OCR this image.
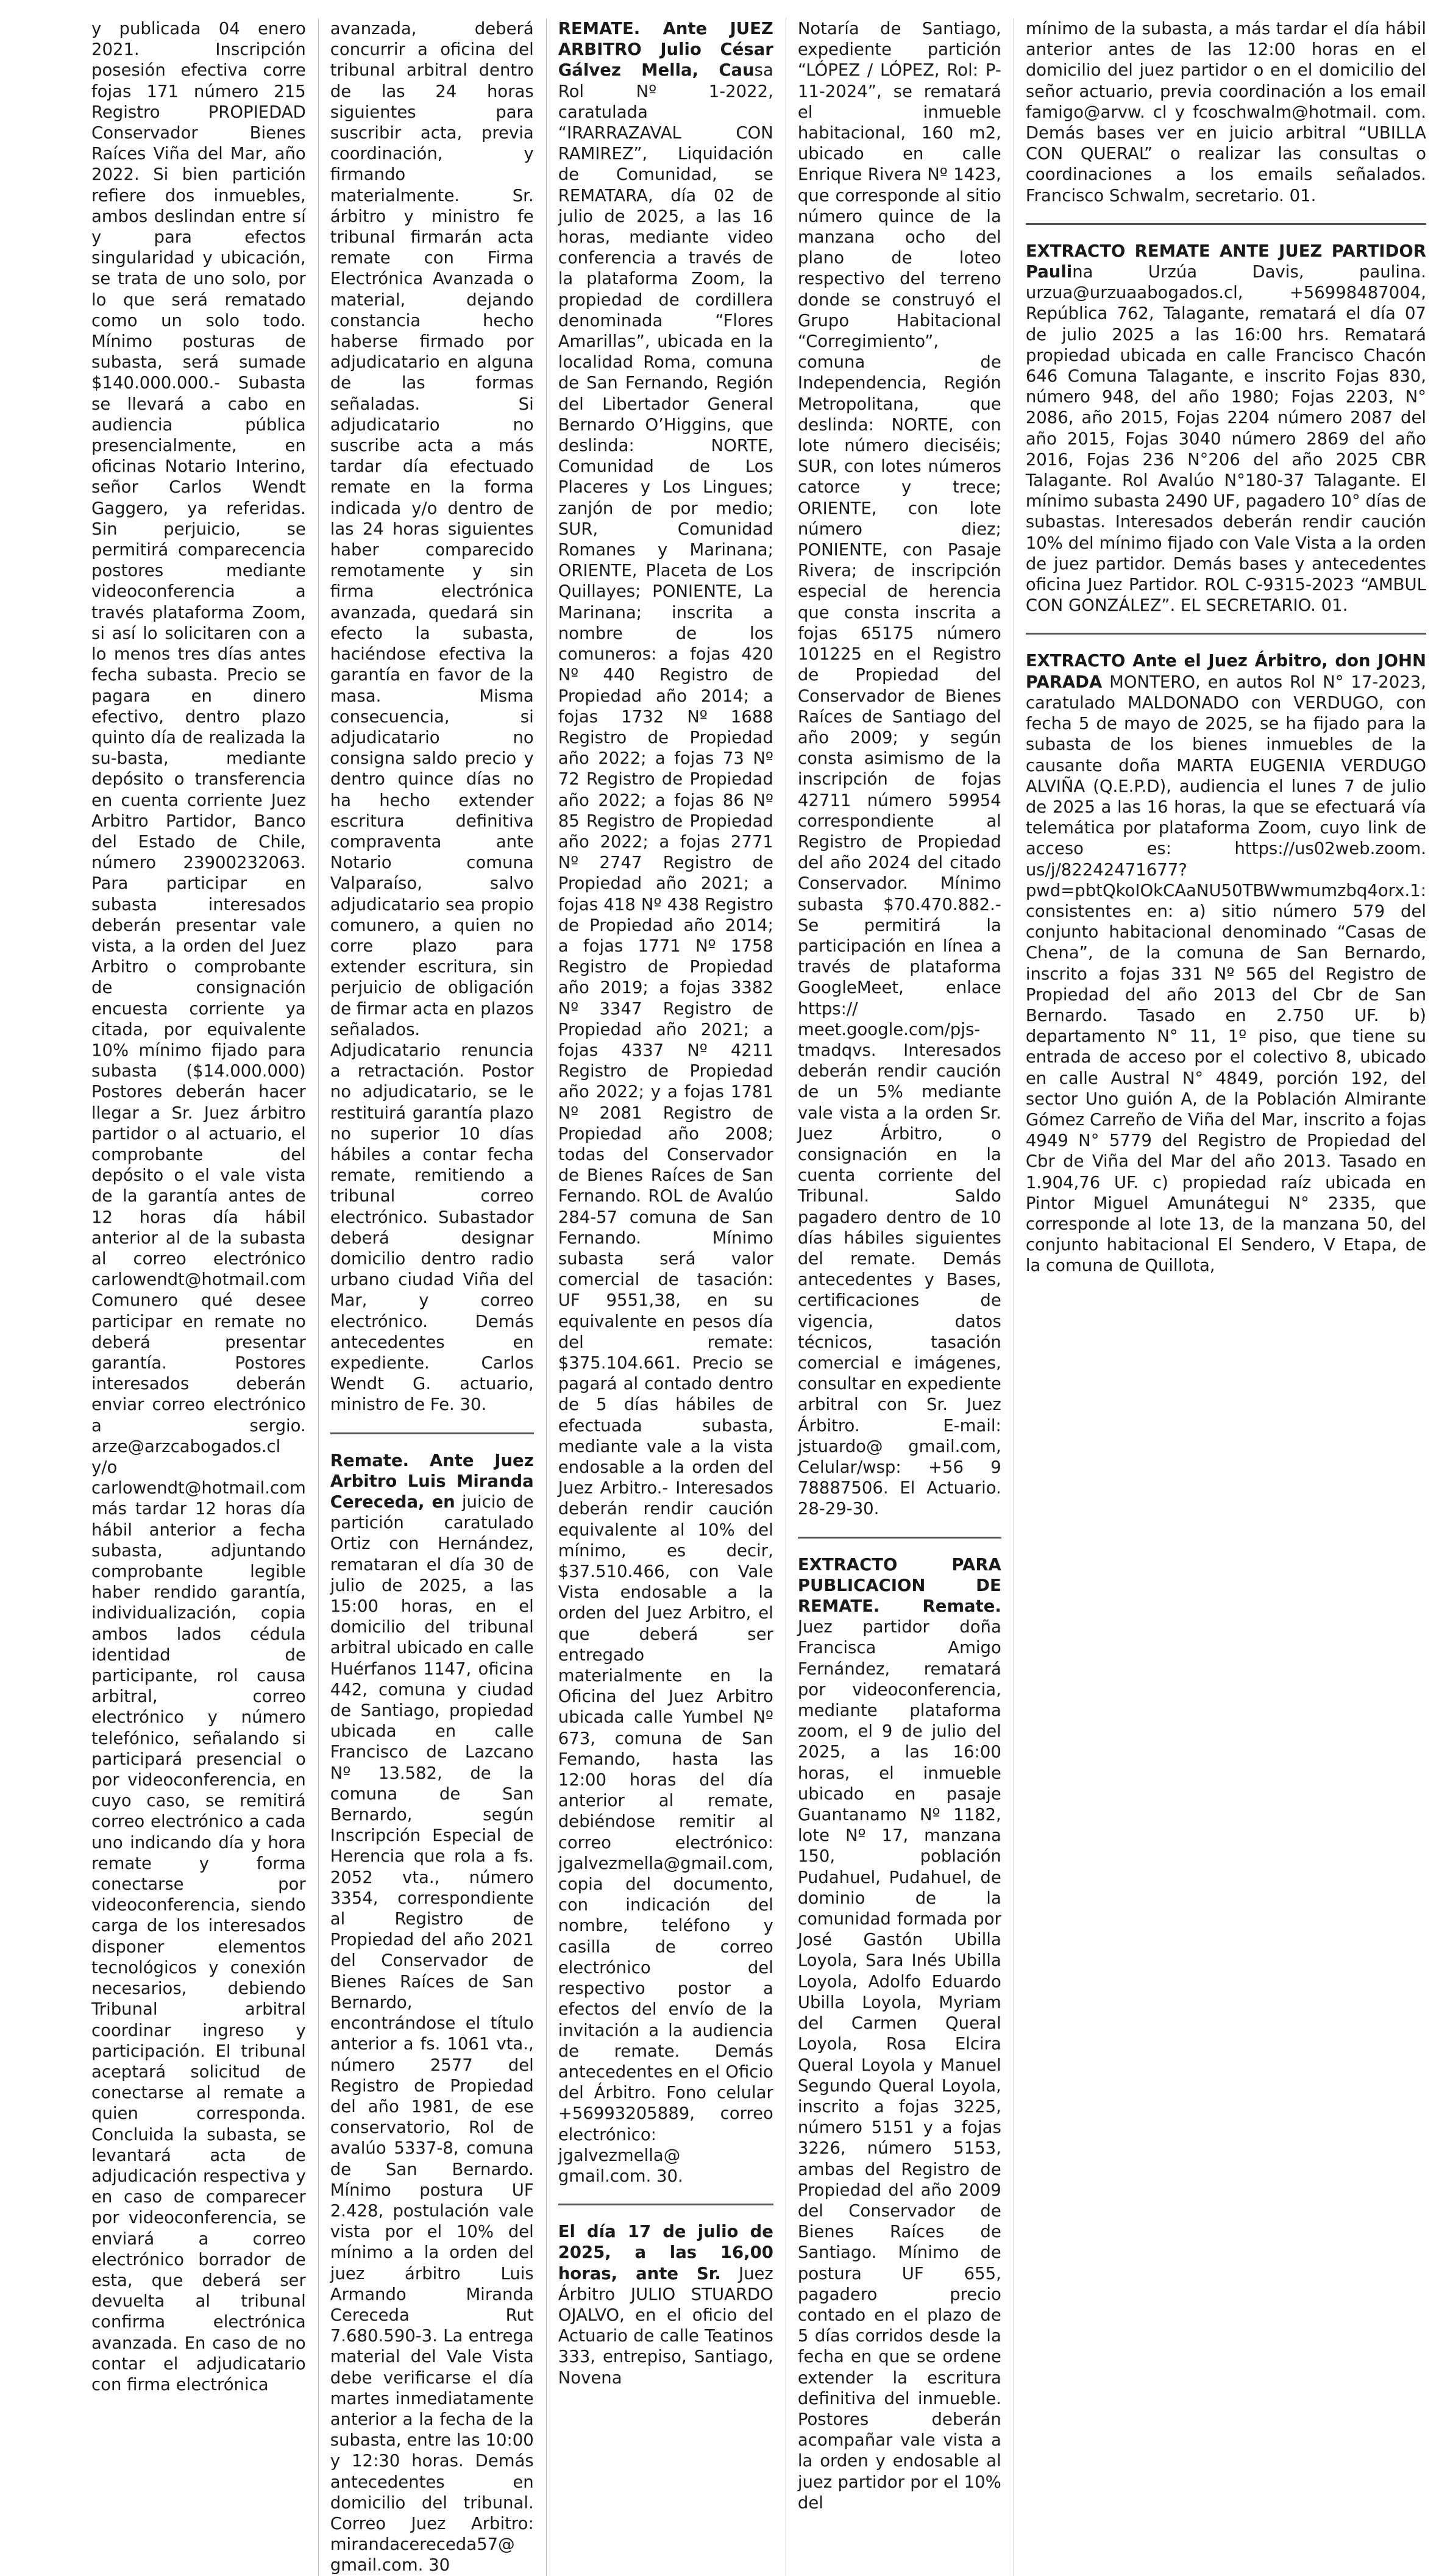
y publicada 04 enero 2021. Inscripción posesión efectiva corre fojas 171 número 215 Registro PROPIEDAD Conservador Bienes Raíces Viña del Mar, año 2022. Si bien partición refiere dos inmuebles, ambos deslindan entre sí y para efectos singularidad y ubicación, se trata de uno solo, por lo que será rematado como un solo todo. Mínimo posturas de subasta, será sumade $140.000.000.- Subasta se llevará a cabo en audiencia pública presencialmente, en oficinas Notario Interino, señor Carlos Wendt Gaggero, ya referidas. Sin perjuicio, se permitirá comparecencia postores mediante videoconferencia a través plataforma Zoom, si así lo solicitaren con a lo menos tres días antes fecha subasta. Precio se pagara en dinero efectivo, dentro plazo quinto día de realizada la su-basta, mediante depósito o transferencia en cuenta corriente Juez Arbitro Partidor, Banco del Estado de Chile, número 23900232063. Para participar en subasta interesados deberán presentar vale vista, a la orden del Juez Arbitro o comprobante de consignación encuesta corriente ya citada, por equivalente 10% mínimo fijado para subasta ($14.000.000) Postores deberán hacer llegar a Sr. Juez árbitro partidor o al actuario, el comprobante del depósito o el vale vista de la garantía antes de 12 horas día hábil anterior al de la subasta al correo electrónico carlowendt@hotmail.com Comunero qué desee participar en remate no deberá presentar garantía. Postores interesados deberán enviar correo electrónico a sergio. arze@arzcabogados.cl y/o carlowendt@hotmail.com más tardar 12 horas día hábil anterior a fecha subasta, adjuntando comprobante legible haber rendido garantía, individualización, copia ambos lados cédula identidad de participante, rol causa arbitral, correo electrónico y número telefónico, señalando si participará presencial o por videoconferencia, en cuyo caso, se remitirá correo electrónico a cada uno indicando día y hora remate y forma conectarse por videoconferencia, siendo carga de los interesados disponer elementos tecnológicos y conexión necesarios, debiendo Tribunal arbitral coordinar ingreso y participación. El tribunal aceptará solicitud de conectarse al remate a quien corresponda. Concluida la subasta, se levantará acta de adjudicación respectiva y en caso de comparecer por videoconferencia, se enviará a correo electrónico borrador de esta, que deberá ser devuelta al tribunal confirma electrónica avanzada. En caso de no contar el adjudicatario con firma electrónica

avanzada, deberá concurrir a oficina del tribunal arbitral dentro de las 24 horas siguientes para suscribir acta, previa coordinación, y firmando materialmente. Sr. árbitro y ministro fe tribunal firmarán acta remate con Firma Electrónica Avanzada o material, dejando constancia hecho haberse firmado por adjudicatario en alguna de las formas señaladas. Si adjudicatario no suscribe acta a más tardar día efectuado remate en la forma indicada y/o dentro de las 24 horas siguientes haber comparecido remotamente y sin firma electrónica avanzada, quedará sin efecto la subasta, haciéndose efectiva la garantía en favor de la masa. Misma consecuencia, si adjudicatario no consigna saldo precio y dentro quince días no ha hecho extender escritura definitiva compraventa ante Notario comuna Valparaíso, salvo adjudicatario sea propio comunero, a quien no corre plazo para extender escritura, sin perjuicio de obligación de firmar acta en plazos señalados. Adjudicatario renuncia a retractación. Postor no adjudicatario, se le restituirá garantía plazo no superior 10 días hábiles a contar fecha remate, remitiendo a tribunal correo electrónico. Subastador deberá designar domicilio dentro radio urbano ciudad Viña del Mar, y correo electrónico. Demás antecedentes en expediente. Carlos Wendt G. actuario, ministro de Fe. 30.

Remate. Ante Juez Arbitro Luis Miranda Cereceda, en juicio de partición caratulado Ortiz con Hernández, remataran el día 30 de julio de 2025, a las 15:00 horas, en el domicilio del tribunal arbitral ubicado en calle Huérfanos 1147, oficina 442, comuna y ciudad de Santiago, propiedad ubicada en calle Francisco de Lazcano Nº 13.582, de la comuna de San Bernardo, según Inscripción Especial de Herencia que rola a fs. 2052 vta., número 3354, correspondiente al Registro de Propiedad del año 2021 del Conservador de Bienes Raíces de San Bernardo, encontrándose el título anterior a fs. 1061 vta., número 2577 del Registro de Propiedad del año 1981, de ese conservatorio, Rol de avalúo 5337-8, comuna de San Bernardo. Mínimo postura UF 2.428, postulación vale vista por el 10% del mínimo a la orden del juez árbitro Luis Armando Miranda Cereceda Rut 7.680.590-3. La entrega material del Vale Vista debe verificarse el día martes inmediatamente anterior a la fecha de la subasta, entre las 10:00 y 12:30 horas. Demás antecedentes en domicilio del tribunal. Correo Juez Arbitro: mirandacereceda57@ gmail.com. 30

REMATE. Ante JUEZ ARBITRO Julio César Gálvez Mella, Causa Rol Nº 1-2022, caratulada “IRARRAZAVAL CON RAMIREZ”, Liquidación de Comunidad, se REMATARA, día 02 de julio de 2025, a las 16 horas, mediante video conferencia a través de la plataforma Zoom, la propiedad de cordillera denominada “Flores Amarillas”, ubicada en la localidad Roma, comuna de San Fernando, Región del Libertador General Bernardo O’Higgins, que deslinda: NORTE, Comunidad de Los Placeres y Los Lingues; zanjón de por medio; SUR, Comunidad Romanes y Marinana; ORIENTE, Placeta de Los Quillayes; PONIENTE, La Marinana; inscrita a nombre de los comuneros: a fojas 420 Nº 440 Registro de Propiedad año 2014; a fojas 1732 Nº 1688 Registro de Propiedad año 2022; a fojas 73 Nº 72 Registro de Propiedad año 2022; a fojas 86 Nº 85 Registro de Propiedad año 2022; a fojas 2771 Nº 2747 Registro de Propiedad año 2021; a fojas 418 Nº 438 Registro de Propiedad año 2014; a fojas 1771 Nº 1758 Registro de Propiedad año 2019; a fojas 3382 Nº 3347 Registro de Propiedad año 2021; a fojas 4337 Nº 4211 Registro de Propiedad año 2022; y a fojas 1781 Nº 2081 Registro de Propiedad año 2008; todas del Conservador de Bienes Raíces de San Fernando. ROL de Avalúo 284-57 comuna de San Fernando. Mínimo subasta será valor comercial de tasación: UF 9551,38, en su equivalente en pesos día del remate: $375.104.661. Precio se pagará al contado dentro de 5 días hábiles de efectuada subasta, mediante vale a la vista endosable a la orden del Juez Arbitro.- Interesados deberán rendir caución equivalente al 10% del mínimo, es decir, $37.510.466, con Vale Vista endosable a la orden del Juez Arbitro, el que deberá ser entregado materialmente en la Oficina del Juez Arbitro ubicada calle Yumbel Nº 673, comuna de San Femando, hasta las 12:00 horas del día anterior al remate, debiéndose remitir al correo electrónico: jgalvezmella@gmail.com, copia del documento, con indicación del nombre, teléfono y casilla de correo electrónico del respectivo postor a efectos del envío de la invitación a la audiencia de remate. Demás antecedentes en el Oficio del Árbitro. Fono celular +56993205889, correo electrónico: jgalvezmella@ gmail.com. 30.

El día 17 de julio de 2025, a las 16,00 horas, ante Sr. Juez Árbitro JULIO STUARDO OJALVO, en el oficio del Actuario de calle Teatinos 333, entrepiso, Santiago, Novena

Notaría de Santiago, expediente partición “LÓPEZ / LÓPEZ, Rol: P-11-2024”, se rematará el inmueble habitacional, 160 m2, ubicado en calle Enrique Rivera Nº 1423, que corresponde al sitio número quince de la manzana ocho del plano de loteo respectivo del terreno donde se construyó el Grupo Habitacional “Corregimiento”, comuna de Independencia, Región Metropolitana, que deslinda: NORTE, con lote número dieciséis; SUR, con lotes números catorce y trece; ORIENTE, con lote número diez; PONIENTE, con Pasaje Rivera; de inscripción especial de herencia que consta inscrita a fojas 65175 número 101225 en el Registro de Propiedad del Conservador de Bienes Raíces de Santiago del año 2009; y según consta asimismo de la inscripción de fojas 42711 número 59954 correspondiente al Registro de Propiedad del año 2024 del citado Conservador. Mínimo subasta $70.470.882.- Se permitirá la participación en línea a través de plataforma GoogleMeet, enlace https:// meet.google.com/pjs-tmadqvs. Interesados deberán rendir caución de un 5% mediante vale vista a la orden Sr. Juez Árbitro, o consignación en la cuenta corriente del Tribunal. Saldo pagadero dentro de 10 días hábiles siguientes del remate. Demás antecedentes y Bases, certificaciones de vigencia, datos técnicos, tasación comercial e imágenes, consultar en expediente arbitral con Sr. Juez Árbitro. E-mail: jstuardo@ gmail.com, Celular/wsp: +56 9 78887506. El Actuario. 28-29-30.

EXTRACTO PARA PUBLICACION DE REMATE. Remate. Juez partidor doña Francisca Amigo Fernández, rematará por videoconferencia, mediante plataforma zoom, el 9 de julio del 2025, a las 16:00 horas, el inmueble ubicado en pasaje Guantanamo Nº 1182, lote Nº 17, manzana 150, población Pudahuel, Pudahuel, de dominio de la comunidad formada por José Gastón Ubilla Loyola, Sara Inés Ubilla Loyola, Adolfo Eduardo Ubilla Loyola, Myriam del Carmen Queral Loyola, Rosa Elcira Queral Loyola y Manuel Segundo Queral Loyola, inscrito a fojas 3225, número 5151 y a fojas 3226, número 5153, ambas del Registro de Propiedad del año 2009 del Conservador de Bienes Raíces de Santiago. Mínimo de postura UF 655, pagadero precio contado en el plazo de 5 días corridos desde la fecha en que se ordene extender la escritura definitiva del inmueble. Postores deberán acompañar vale vista a la orden y endosable al juez partidor por el 10% del

mínimo de la subasta, a más tardar el día hábil anterior antes de las 12:00 horas en el domicilio del juez partidor o en el domicilio del señor actuario, previa coordinación a los email famigo@arvw. cl y fcoschwalm@hotmail. com. Demás bases ver en juicio arbitral “UBILLA CON QUERAL” o realizar las consultas o coordinaciones a los emails señalados. Francisco Schwalm, secretario. 01.

EXTRACTO REMATE ANTE JUEZ PARTIDOR Paulina Urzúa Davis, paulina. urzua@urzuaabogados.cl, +56998487004, República 762, Talagante, rematará el día 07 de julio 2025 a las 16:00 hrs. Rematará propiedad ubicada en calle Francisco Chacón 646 Comuna Talagante, e inscrito Fojas 830, número 948, del año 1980; Fojas 2203, N° 2086, año 2015, Fojas 2204 número 2087 del año 2015, Fojas 3040 número 2869 del año 2016, Fojas 236 N°206 del año 2025 CBR Talagante. Rol Avalúo N°180-37 Talagante. El mínimo subasta 2490 UF, pagadero 10° días de subastas. Interesados deberán rendir caución 10% del mínimo fijado con Vale Vista a la orden de juez partidor. Demás bases y antecedentes oficina Juez Partidor. ROL C-9315-2023 “AMBUL CON GONZÁLEZ”. EL SECRETARIO. 01.

EXTRACTO Ante el Juez Árbitro, don JOHN PARADA MONTERO, en autos Rol N° 17-2023, caratulado MALDONADO con VERDUGO, con fecha 5 de mayo de 2025, se ha fijado para la subasta de los bienes inmuebles de la causante doña MARTA EUGENIA VERDUGO ALVIÑA (Q.E.P.D), audiencia el lunes 7 de julio de 2025 a las 16 horas, la que se efectuará vía telemática por plataforma Zoom, cuyo link de acceso es: https://us02web.zoom. us/j/82242471677?pwd=pbtQkoIOkCAaNU50TBWwmumzbq4orx.1: consistentes en: a) sitio número 579 del conjunto habitacional denominado “Casas de Chena”, de la comuna de San Bernardo, inscrito a fojas 331 Nº 565 del Registro de Propiedad del año 2013 del Cbr de San Bernardo. Tasado en 2.750 UF. b) departamento N° 11, 1º piso, que tiene su entrada de acceso por el colectivo 8, ubicado en calle Austral N° 4849, porción 192, del sector Uno guión A, de la Población Almirante Gómez Carreño de Viña del Mar, inscrito a fojas 4949 N° 5779 del Registro de Propiedad del Cbr de Viña del Mar del año 2013. Tasado en 1.904,76 UF. c) propiedad raíz ubicada en Pintor Miguel Amunátegui N° 2335, que corresponde al lote 13, de la manzana 50, del conjunto habitacional El Sendero, V Etapa, de la comuna de Quillota,
